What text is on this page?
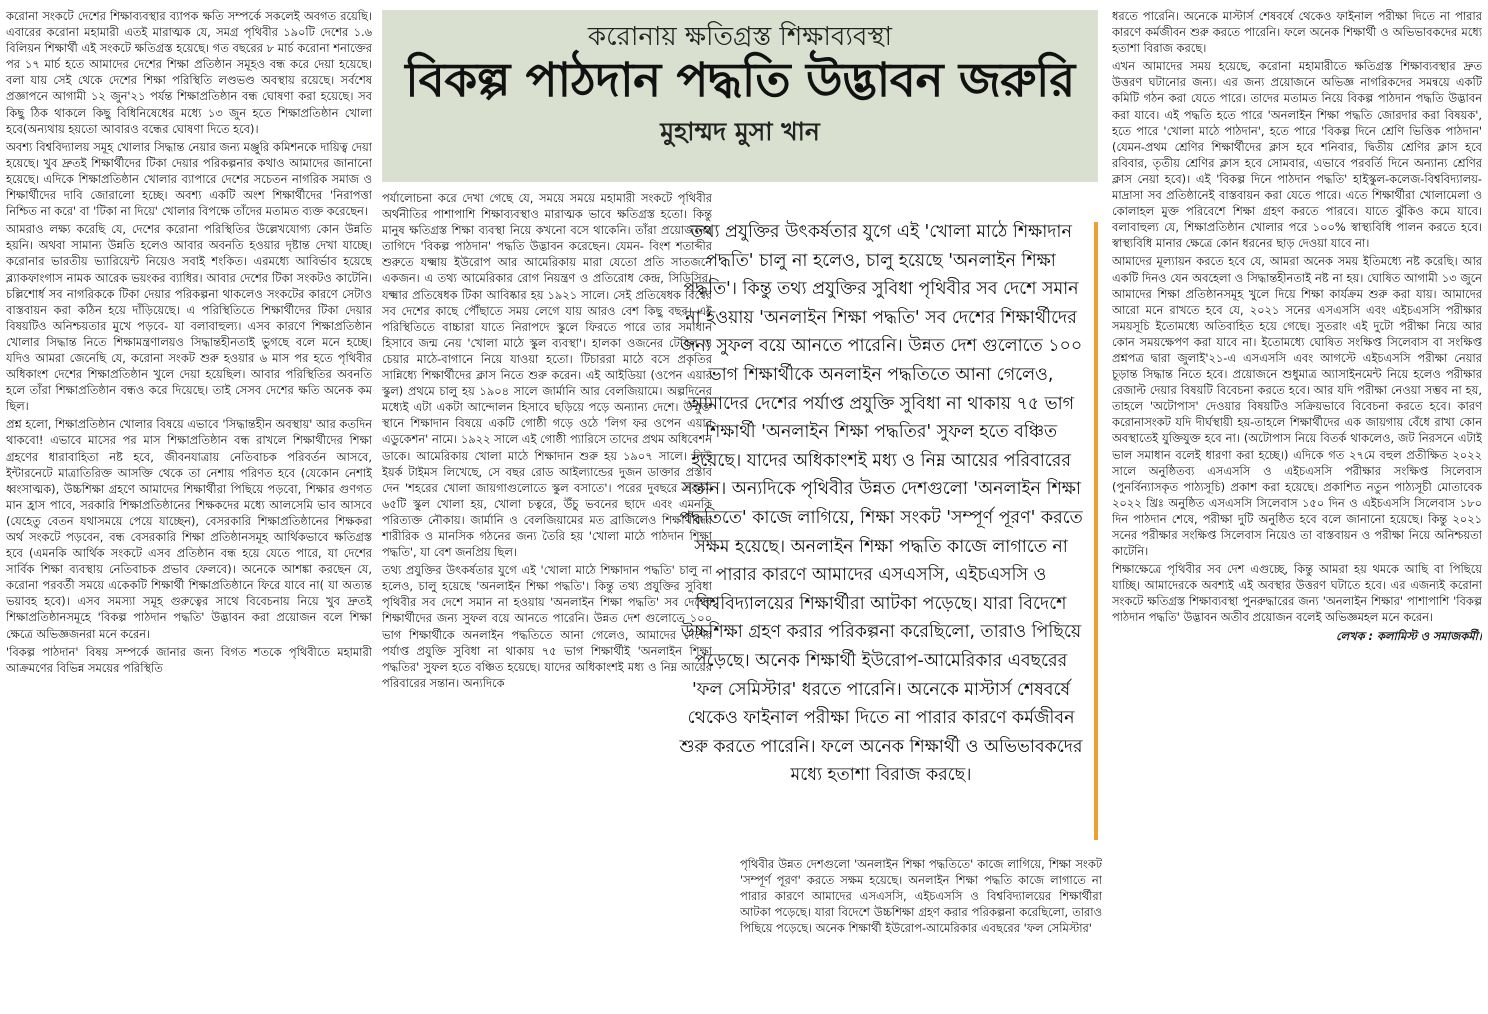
করোনা সংকটে দেশের শিক্ষাব্যবস্থার ব্যাপক ক্ষতি সম্পর্কে সকলেই অবগত রয়েছি। এবারের করোনা মহামারী এতই মারাত্মক যে, সমগ্র পৃথিবীর ১৯০টি দেশের ১.৬ বিলিয়ন শিক্ষার্থী এই সংকটে ক্ষতিগ্রস্ত হয়েছে। গত বছরের ৮ মার্চ করোনা শনাক্তের পর ১৭ মার্চ হতে আমাদের দেশের শিক্ষা প্রতিষ্ঠান সমূহও বন্ধ করে দেয়া হয়েছে। বলা যায় সেই থেকে দেশের শিক্ষা পরিস্থিতি লণ্ডভণ্ড অবস্থায় রয়েছে। সর্বশেষ প্রজ্ঞাপনে আগামী ১২ জুন'২১ পর্যন্ত শিক্ষাপ্রতিষ্ঠান বন্ধ ঘোষণা করা হয়েছে। সব কিছু ঠিক থাকলে কিছু বিধিনিষেধের মধ্যে ১৩ জুন হতে শিক্ষাপ্রতিষ্ঠান খোলা হবে(অন্যথায় হয়তো আবারও বন্ধের ঘোষণা দিতে হবে)।

অবশ্য বিশ্ববিদ্যালয় সমূহ খোলার সিদ্ধান্ত নেয়ার জন্য মঞ্জুরি কমিশনকে দায়িত্ব দেয়া হয়েছে। খুব দ্রুতই শিক্ষার্থীদের টিকা দেয়ার পরিকল্পনার কথাও আমাদের জানানো হয়েছে। এদিকে শিক্ষাপ্রতিষ্ঠান খোলার ব্যাপারে দেশের সচেতন নাগরিক সমাজ ও শিক্ষার্থীদের দাবি জোরালো হচ্ছে। অবশ্য একটি অংশ শিক্ষার্থীদের 'নিরাপত্তা নিশ্চিত না করে' বা 'টিকা না দিয়ে' খোলার বিপক্ষে তাঁদের মতামত ব্যক্ত করেছেন।

আমরাও লক্ষ্য করেছি যে, দেশের করোনা পরিস্থিতির উল্লেখযোগ্য কোন উন্নতি হয়নি। অথবা সামান্য উন্নতি হলেও আবার অবনতি হওয়ার দৃষ্টান্ত দেখা যাচ্ছে। করোনার ভারতীয় ভ্যারিয়েন্ট নিয়েও সবাই শংকিত। এরমধ্যে আবির্ভাব হয়েছে ব্ল্যাকফাংগাস নামক আরেক ভয়ংকর ব্যাধির। আবার দেশের টিকা সংকটও কাটেনি। চল্লিশোর্ধ সব নাগরিককে টিকা দেয়ার পরিকল্পনা থাকলেও সংকটের কারণে সেটাও বাস্তবায়ন করা কঠিন হয়ে দাঁড়িয়েছে। এ পরিস্থিতিতে শিক্ষার্থীদের টিকা দেয়ার বিষয়টিও অনিশ্চয়তার মুখে পড়বে- যা বলাবাহুল্য। এসব কারণে শিক্ষাপ্রতিষ্ঠান খোলার সিদ্ধান্ত নিতে শিক্ষামন্ত্রণালয়ও সিদ্ধান্তহীনতাই ভুগছে বলে মনে হচ্ছে। যদিও আমরা জেনেছি যে, করোনা সংকট শুরু হওয়ার ৬ মাস পর হতে পৃথিবীর অধিকাংশ দেশের শিক্ষাপ্রতিষ্ঠান খুলে দেয়া হয়েছিল। আবার পরিস্থিতির অবনতি হলে তাঁরা শিক্ষাপ্রতিষ্ঠান বন্ধও করে দিয়েছে। তাই সেসব দেশের ক্ষতি অনেক কম ছিল।

প্রশ্ন হলো, শিক্ষাপ্রতিষ্ঠান খোলার বিষয়ে এভাবে 'সিদ্ধান্তহীন অবস্থায়' আর কতদিন থাকবো! এভাবে মাসের পর মাস শিক্ষাপ্রতিষ্ঠান বন্ধ রাখলে শিক্ষার্থীদের শিক্ষা গ্রহণের ধারাবাহিতা নষ্ট হবে, জীবনযাত্রায় নেতিবাচক পরিবর্তন আসবে, ইন্টারনেটে মাত্রাতিরিক্ত আসক্তি থেকে তা নেশায় পরিণত হবে (যেকোন নেশাই ধ্বংসাত্মক), উচ্চশিক্ষা গ্রহণে আমাদের শিক্ষার্থীরা পিছিয়ে পড়বো, শিক্ষার গুণগত মান হ্রাস পাবে, সরকারি শিক্ষাপ্রতিষ্ঠানের শিক্ষকদের মধ্যে আলসেমি ভাব আসবে (যেহেতু বেতন যথাসময়ে পেয়ে যাচ্ছেন), বেসরকারি শিক্ষাপ্রতিষ্ঠানের শিক্ষকরা অর্থ সংকটে পড়বেন, বন্ধ বেসরকারি শিক্ষা প্রতিষ্ঠানসমূহ আর্থিকভাবে ক্ষতিগ্রস্ত হবে (এমনকি আর্থিক সংকটে এসব প্রতিষ্ঠান বন্ধ হয়ে যেতে পারে, যা দেশের সার্বিক শিক্ষা ব্যবস্থায় নেতিবাচক প্রভাব ফেলবে)। অনেকে আশঙ্কা করছেন যে, করোনা পরবর্তী সময়ে একেকটি শিক্ষার্থী শিক্ষাপ্রতিষ্ঠানে ফিরে যাবে না( যা অত্যন্ত ভয়াবহ হবে)। এসব সমস্যা সমূহ গুরুত্বের সাথে বিবেচনায় নিয়ে খুব দ্রুতই শিক্ষাপ্রতিষ্ঠানসমূহে 'বিকল্প পাঠদান পদ্ধতি' উদ্ভাবন করা প্রয়োজন বলে শিক্ষা ক্ষেত্রে অভিজ্ঞজনরা মনে করেন।

'বিকল্প পাঠদান' বিষয় সম্পর্কে জানার জন্য বিগত শতকে পৃথিবীতে মহামারী আক্রমণের বিভিন্ন সময়ের পরিস্থিতি

করোনায় ক্ষতিগ্রস্ত শিক্ষাব্যবস্থা
বিকল্প পাঠদান পদ্ধতি উদ্ভাবন জরুরি
মুহাম্মদ মুসা খান

পর্যালোচনা করে দেখা গেছে যে, সময়ে সময়ে মহামারী সংকটে পৃথিবীর অর্থনীতির পাশাপাশি শিক্ষাব্যবস্থাও মারাত্মক ভাবে ক্ষতিগ্রস্ত হতো। কিন্তু মানুষ ক্ষতিগ্রস্ত শিক্ষা ব্যবস্থা নিয়ে কখনো বসে থাকেনি। তাঁরা প্রয়োজনের তাগিদে 'বিকল্প পাঠদান' পদ্ধতি উদ্ভাবন করেছেন। যেমন- বিংশ শতাব্দীর শুরুতে যক্ষ্মায় ইউরোপ আর আমেরিকায় মারা যেতো প্রতি সাতজনে একজন। এ তথ্য আমেরিকার রোগ নিয়ন্ত্রণ ও প্রতিরোধ কেন্দ্র, সিডিসির। যক্ষ্মার প্রতিষেধক টিকা আবিষ্কার হয় ১৯২১ সালে। সেই প্রতিষেধক বিশ্বের সব দেশের কাছে পৌঁছাতে সময় লেগে যায় আরও বেশ কিছু বছর। এই পরিস্থিতিতে বাচ্চারা যাতে নিরাপদে স্কুলে ফিরতে পারে তার সমাধান হিসাবে জন্ম নেয় 'খোলা মাঠে স্কুল ব্যবস্থা'। হালকা ওজনের টেবিল ও চেয়ার মাঠে-বাগানে নিয়ে যাওয়া হতো। টিচাররা মাঠে বসে প্রকৃতির সান্নিধ্যে শিক্ষার্থীদের ক্লাস নিতে শুরু করেন। এই আইডিয়া (ওপেন এয়ার স্কুল) প্রথমে চালু হয় ১৯০৪ সালে জার্মানি আর বেলজিয়ামে। অল্পদিনের মধ্যেই এটা একটা আন্দোলন হিসাবে ছড়িয়ে পড়ে অন্যান্য দেশে। উন্মুক্ত স্থানে শিক্ষাদান বিষয়ে একটি গোষ্ঠী গড়ে ওঠে 'লিগ ফর ওপেন এয়ার এডুকেশন' নামে। ১৯২২ সালে এই গোষ্ঠী প্যারিসে তাদের প্রথম অধিবেশন ডাকে। আমেরিকায় খোলা মাঠে শিক্ষাদান শুরু হয় ১৯০৭ সালে। নিউ ইয়র্ক টাইমস লিখেছে, সে বছর রোড আইল্যান্ডের দুজন ডাক্তার প্রস্তাব দেন 'শহরের খোলা জায়গাগুলোতে স্কুল বসাতে'। পরের দুবছরে এরকম ৬৫টি স্কুল খোলা হয়, খোলা চত্বরে, উঁচু ভবনের ছাদে এবং এমনকি পরিত্যক্ত নৌকায়। জার্মানি ও বেলজিয়ামের মত ব্রাজিলেও শিক্ষার্থীদের শারীরিক ও মানসিক গঠনের জন্য তৈরি হয় 'খোলা মাঠে পাঠদান শিক্ষা পদ্ধতি', যা বেশ জনপ্রিয় ছিল।

তথ্য প্রযুক্তির উৎকর্ষতার যুগে এই 'খোলা মাঠে শিক্ষাদান পদ্ধতি' চালু না হলেও, চালু হয়েছে 'অনলাইন শিক্ষা পদ্ধতি'। কিন্তু তথ্য প্রযুক্তির সুবিধা পৃথিবীর সব দেশে সমান না হওয়ায় 'অনলাইন শিক্ষা পদ্ধতি' সব দেশের শিক্ষার্থীদের জন্য সুফল বয়ে আনতে পারেনি। উন্নত দেশ গুলোতে ১০০ ভাগ শিক্ষার্থীকে অনলাইন পদ্ধতিতে আনা গেলেও, আমাদের দেশের পর্যাপ্ত প্রযুক্তি সুবিধা না থাকায় ৭৫ ভাগ শিক্ষার্থীই 'অনলাইন শিক্ষা পদ্ধতির' সুফল হতে বঞ্চিত হয়েছে। যাদের অধিকাংশই মধ্য ও নিম্ন আয়ের পরিবারের সন্তান। অন্যদিকে

তথ্য প্রযুক্তির উৎকর্ষতার যুগে এই 'খোলা মাঠে শিক্ষাদান পদ্ধতি' চালু না হলেও, চালু হয়েছে 'অনলাইন শিক্ষা পদ্ধতি'। কিন্তু তথ্য প্রযুক্তির সুবিধা পৃথিবীর সব দেশে সমান না হওয়ায় 'অনলাইন শিক্ষা পদ্ধতি' সব দেশের শিক্ষার্থীদের জন্য সুফল বয়ে আনতে পারেনি। উন্নত দেশ গুলোতে ১০০ ভাগ শিক্ষার্থীকে অনলাইন পদ্ধতিতে আনা গেলেও, আমাদের দেশের পর্যাপ্ত প্রযুক্তি সুবিধা না থাকায় ৭৫ ভাগ শিক্ষার্থী 'অনলাইন শিক্ষা পদ্ধতির' সুফল হতে বঞ্চিত হয়েছে। যাদের অধিকাংশই মধ্য ও নিম্ন আয়ের পরিবারের সন্তান। অন্যদিকে পৃথিবীর উন্নত দেশগুলো 'অনলাইন শিক্ষা পদ্ধতিতে' কাজে লাগিয়ে, শিক্ষা সংকট 'সম্পূর্ণ পূরণ' করতে সক্ষম হয়েছে। অনলাইন শিক্ষা পদ্ধতি কাজে লাগাতে না পারার কারণে আমাদের এসএসসি, এইচএসসি ও বিশ্ববিদ্যালয়ের শিক্ষার্থীরা আটকা পড়েছে। যারা বিদেশে উচ্চশিক্ষা গ্রহণ করার পরিকল্পনা করেছিলো, তারাও পিছিয়ে পড়েছে। অনেক শিক্ষার্থী ইউরোপ-আমেরিকার এবছরের 'ফল সেমিস্টার' ধরতে পারেনি। অনেকে মাস্টার্স শেষবর্ষে থেকেও ফাইনাল পরীক্ষা দিতে না পারার কারণে কর্মজীবন শুরু করতে পারেনি। ফলে অনেক শিক্ষার্থী ও অভিভাবকদের মধ্যে হতাশা বিরাজ করছে।

পৃথিবীর উন্নত দেশগুলো 'অনলাইন শিক্ষা পদ্ধতিতে' কাজে লাগিয়ে, শিক্ষা সংকট 'সম্পূর্ণ পূরণ' করতে সক্ষম হয়েছে। অনলাইন শিক্ষা পদ্ধতি কাজে লাগাতে না পারার কারণে আমাদের এসএসসি, এইচএসসি ও বিশ্ববিদ্যালয়ের শিক্ষার্থীরা আটকা পড়েছে। যারা বিদেশে উচ্চশিক্ষা গ্রহণ করার পরিকল্পনা করেছিলো, তারাও পিছিয়ে পড়েছে। অনেক শিক্ষার্থী ইউরোপ-আমেরিকার এবছরের 'ফল সেমিস্টার'

ধরতে পারেনি। অনেকে মাস্টার্স শেষবর্ষে থেকেও ফাইনাল পরীক্ষা দিতে না পারার কারণে কর্মজীবন শুরু করতে পারেনি। ফলে অনেক শিক্ষার্থী ও অভিভাবকদের মধ্যে হতাশা বিরাজ করছে।

এখন আমাদের সময় হয়েছে, করোনা মহামারীতে ক্ষতিগ্রস্ত শিক্ষাব্যবস্থার দ্রুত উত্তরণ ঘটানোর জন্য। এর জন্য প্রয়োজনে অভিজ্ঞ নাগরিকদের সমন্বয়ে একটি কমিটি গঠন করা যেতে পারে। তাদের মতামত নিয়ে বিকল্প পাঠদান পদ্ধতি উদ্ভাবন করা যাবে। এই পদ্ধতি হতে পারে 'অনলাইন শিক্ষা পদ্ধতি জোরদার করা বিষয়ক', হতে পারে 'খোলা মাঠে পাঠদান', হতে পারে 'বিকল্প দিনে শ্রেণি ভিত্তিক পাঠদান' (যেমন-প্রথম শ্রেণির শিক্ষার্থীদের ক্লাস হবে শনিবার, দ্বিতীয় শ্রেণির ক্লাস হবে রবিবার, তৃতীয় শ্রেণির ক্লাস হবে সোমবার, এভাবে পরবর্তি দিনে অন্যান্য শ্রেণির ক্লাস নেয়া হবে)। এই 'বিকল্প দিনে পাঠদান পদ্ধতি' হাইস্কুল-কলেজ-বিশ্ববিদ্যালয়-মাদ্রাসা সব প্রতিষ্ঠানেই বাস্তবায়ন করা যেতে পারে। এতে শিক্ষার্থীরা খোলামেলা ও কোলাহল মুক্ত পরিবেশে শিক্ষা গ্রহণ করতে পারবে। যাতে ঝুঁকিও কমে যাবে। বলাবাহুল্য যে, শিক্ষাপ্রতিষ্ঠান খোলার পরে ১০০% স্বাস্থ্যবিধি পালন করতে হবে। স্বাস্থ্যবিধি মানার ক্ষেত্রে কোন ধরনের ছাড় দেওয়া যাবে না।

আমাদের মূল্যায়ন করতে হবে যে, আমরা অনেক সময় ইতিমধ্যে নষ্ট করেছি। আর একটি দিনও যেন অবহেলা ও সিদ্ধান্তহীনতাই নষ্ট না হয়। ঘোষিত আগামী ১৩ জুনে আমাদের শিক্ষা প্রতিষ্ঠানসমূহ খুলে দিয়ে শিক্ষা কার্যক্রম শুরু করা যায়। আমাদের আরো মনে রাখতে হবে যে, ২০২১ সনের এসএসসি এবং এইচএসসি পরীক্ষার সময়সূচি ইতোমধ্যে অতিবাহিত হয়ে গেছে। সুতরাং এই দুটো পরীক্ষা নিয়ে আর কোন সময়ক্ষেপণ করা যাবে না। ইতোমধ্যে ঘোষিত সংক্ষিপ্ত সিলেবাস বা সংক্ষিপ্ত প্রশ্নপত্র দ্বারা জুলাই'২১-এ এসএসসি এবং আগস্টে এইচএসসি পরীক্ষা নেয়ার চূড়ান্ত সিদ্ধান্ত নিতে হবে। প্রয়োজনে শুধুমাত্র অ্যাসাইনমেন্ট নিয়ে হলেও পরীক্ষার রেজাল্ট দেয়ার বিষয়টি বিবেচনা করতে হবে। আর যদি পরীক্ষা নেওয়া সম্ভব না হয়, তাহলে 'অটোপাস' দেওয়ার বিষয়টিও সক্রিয়ভাবে বিবেচনা করতে হবে। কারণ করোনাসংকট যদি দীর্ঘস্থায়ী হয়-তাহলে শিক্ষার্থীদের এক জায়গায় বেঁধে রাখা কোন অবস্থাতেই যুক্তিযুক্ত হবে না। (অটোপাস নিয়ে বিতর্ক থাকলেও, জট নিরসনে এটাই ভাল সমাধান বলেই ধারণা করা হচ্ছে।) এদিকে গত ২৭মে বহুল প্রতীক্ষিত ২০২২ সালে অনুষ্ঠিতব্য এসএসসি ও এইচএসসি পরীক্ষার সংক্ষিপ্ত সিলেবাস (পুনর্বিন্যাসকৃত পাঠ্যসূচি) প্রকাশ করা হয়েছে। প্রকাশিত নতুন পাঠ্যসূচী মোতাবেক ২০২২ খ্রিঃ অনুষ্ঠিত এসএসসি সিলেবাস ১৫০ দিন ও এইচএসসি সিলেবাস ১৮০ দিন পাঠদান শেষে, পরীক্ষা দুটি অনুষ্ঠিত হবে বলে জানানো হয়েছে। কিন্তু ২০২১ সনের পরীক্ষার সংক্ষিপ্ত সিলেবাস নিয়েও তা বাস্তবায়ন ও পরীক্ষা নিয়ে অনিশ্চয়তা কাটেনি।

শিক্ষাক্ষেত্রে পৃথিবীর সব দেশ এগুচ্ছে, কিন্তু আমরা হয় থমকে আছি বা পিছিয়ে যাচ্ছি। আমাদেরকে অবশ্যই এই অবস্থার উত্তরণ ঘটাতে হবে। এর এজন্যই করোনা সংকটে ক্ষতিগ্রস্ত শিক্ষাব্যবস্থা পুনরুদ্ধারের জন্য 'অনলাইন শিক্ষার' পাশাপাশি 'বিকল্প পাঠদান পদ্ধতি' উদ্ভাবন অতীব প্রয়োজন বলেই অভিজ্ঞমহল মনে করেন।

লেখক : কলামিস্ট ও সমাজকর্মী।
